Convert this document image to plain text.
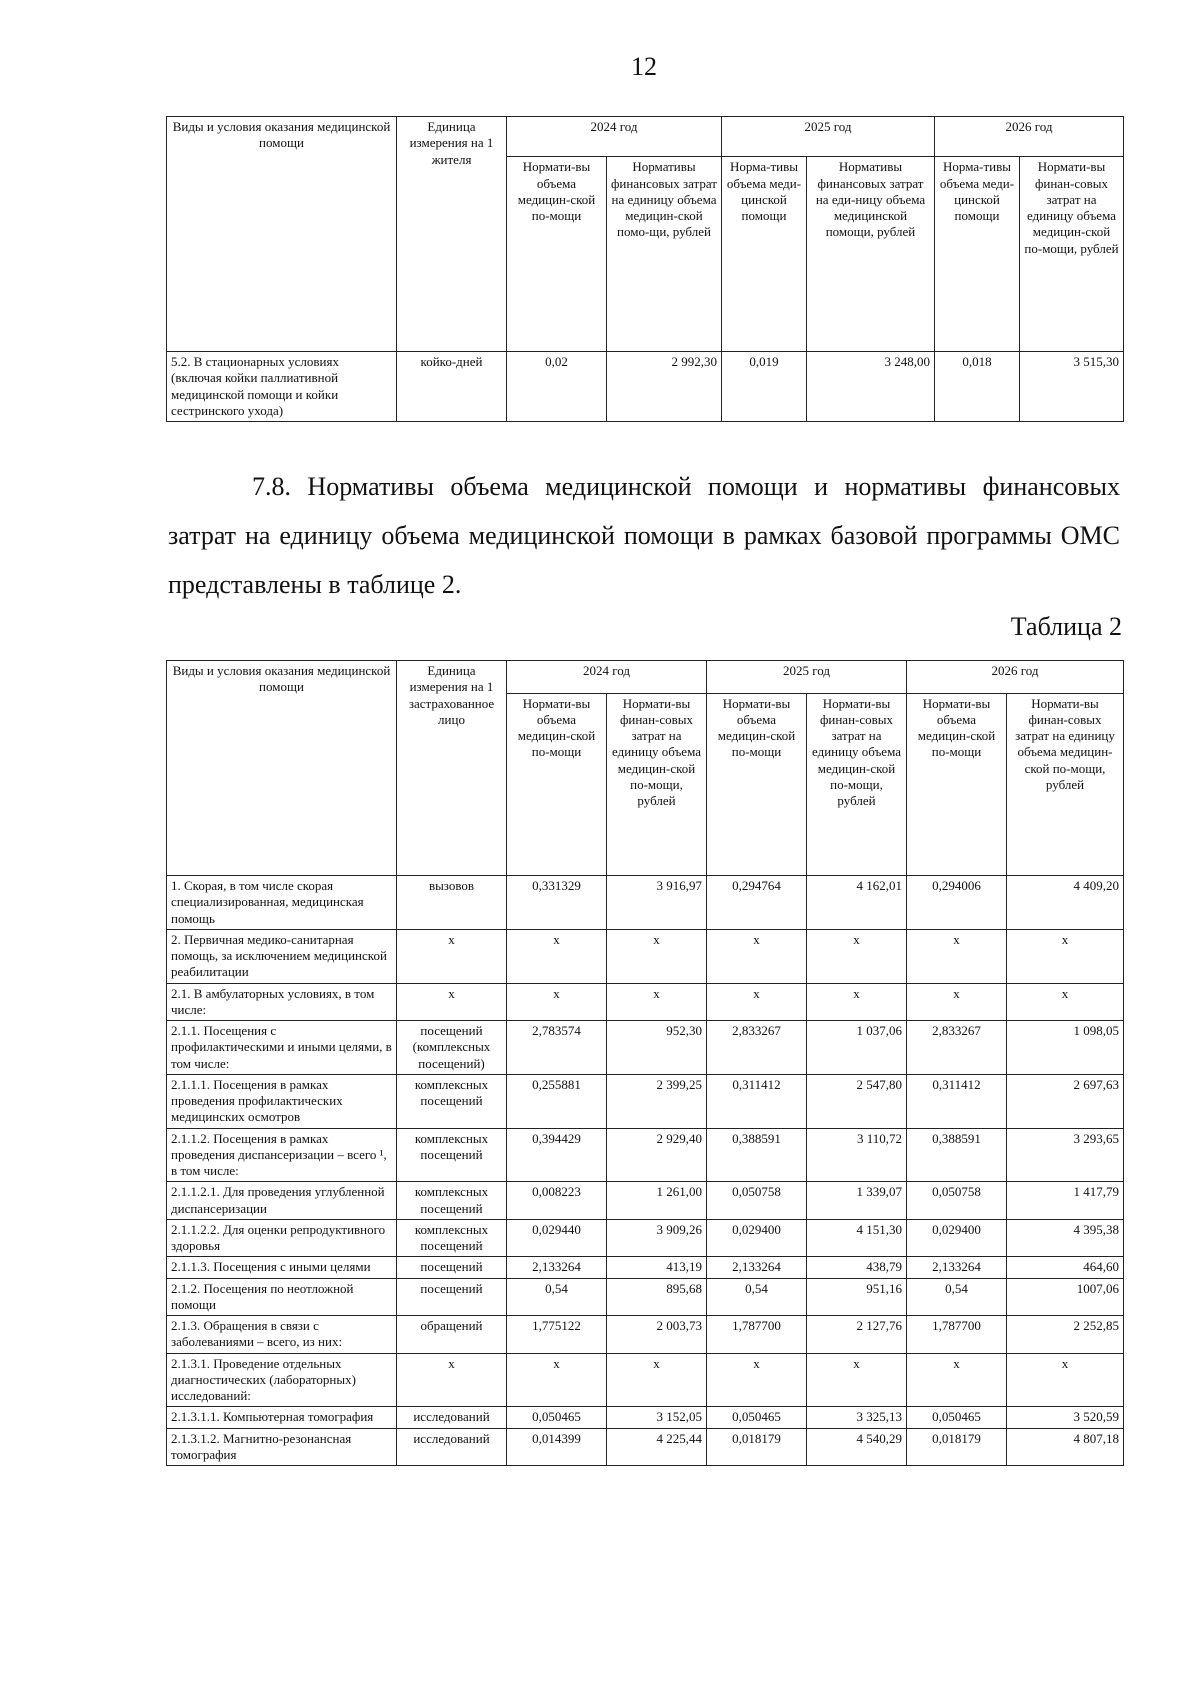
12
Виды и условия оказания медицинской помощи	Единица измерения на 1 жителя	2024 год		2025 год		2026 год	
		Нормати-вы объема медицин-ской по-мощи	Нормативы финансовых затрат на единицу объема медицин-ской помо-щи, рублей	Норма-тивы объема меди-цинской помощи	Нормативы финансовых затрат на еди-ницу объема медицинской помощи, рублей	Норма-тивы объема меди-цинской помощи	Нормати-вы финан-совых затрат на единицу объема медицин-ской по-мощи, рублей
5.2. В стационарных условиях (включая койки паллиативной медицинской помощи и койки сестринского ухода)	койко-дней	0,02	2 992,30	0,019	3 248,00	0,018	3 515,30
7.8. Нормативы объема медицинской помощи и нормативы финансовых затрат на единицу объема медицинской помощи в рамках базовой программы ОМС представлены в таблице 2.
Таблица 2
Виды и условия оказания медицинской помощи	Единица измерения на 1 застрахованное лицо	2024 год		2025 год		2026 год	
		Нормати-вы объема медицин-ской по-мощи	Нормати-вы финан-совых затрат на единицу объема медицин-ской по-мощи, рублей	Нормати-вы объема медицин-ской по-мощи	Нормати-вы финан-совых затрат на единицу объема медицин-ской по-мощи, рублей	Нормати-вы объема медицин-ской по-мощи	Нормати-вы финан-совых затрат на единицу объема медицин-ской по-мощи, рублей
1. Скорая, в том числе скорая специализированная, медицинская помощь	вызовов	0,331329	3 916,97	0,294764	4 162,01	0,294006	4 409,20
2. Первичная медико-санитарная помощь, за исключением медицинской реабилитации	x	x	x	x	x	x	x
2.1. В амбулаторных условиях, в том числе:	x	x	x	x	x	x	x
2.1.1. Посещения с профилактическими и иными целями, в том числе:	посещений (комплексных посещений)	2,783574	952,30	2,833267	1 037,06	2,833267	1 098,05
2.1.1.1. Посещения в рамках проведения профилактических медицинских осмотров	комплексных посещений	0,255881	2 399,25	0,311412	2 547,80	0,311412	2 697,63
2.1.1.2. Посещения в рамках проведения диспансеризации – всего ¹, в том числе:	комплексных посещений	0,394429	2 929,40	0,388591	3 110,72	0,388591	3 293,65
2.1.1.2.1. Для проведения углубленной диспансеризации	комплексных посещений	0,008223	1 261,00	0,050758	1 339,07	0,050758	1 417,79
2.1.1.2.2. Для оценки репродуктивного здоровья	комплексных посещений	0,029440	3 909,26	0,029400	4 151,30	0,029400	4 395,38
2.1.1.3. Посещения с иными целями	посещений	2,133264	413,19	2,133264	438,79	2,133264	464,60
2.1.2. Посещения по неотложной помощи	посещений	0,54	895,68	0,54	951,16	0,54	1007,06
2.1.3. Обращения в связи с заболеваниями – всего, из них:	обращений	1,775122	2 003,73	1,787700	2 127,76	1,787700	2 252,85
2.1.3.1. Проведение отдельных диагностических (лабораторных) исследований:	x	x	x	x	x	x	x
2.1.3.1.1. Компьютерная томография	исследований	0,050465	3 152,05	0,050465	3 325,13	0,050465	3 520,59
2.1.3.1.2. Магнитно-резонансная томография	исследований	0,014399	4 225,44	0,018179	4 540,29	0,018179	4 807,18
